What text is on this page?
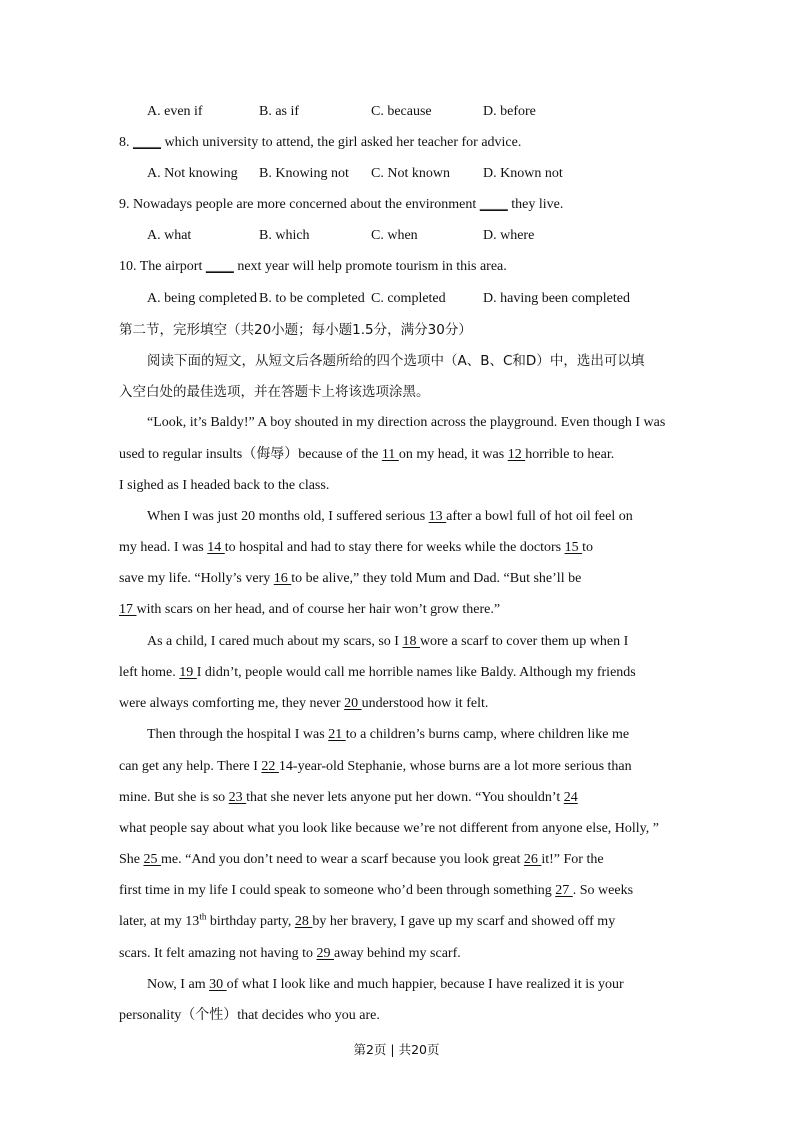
A. even if	B. as if	C. because	D. before
8. ____ which university to attend, the girl asked her teacher for advice.
A. Not knowing B. Knowing not C. Not known D. Known not
9. Nowadays people are more concerned about the environment ____ they live.
A. what	B. which	C. when	D. where
10. The airport ____ next year will help promote tourism in this area.
A. being completed B. to be completed C. completed	D. having been completed
第二节，完形填空（共20小题；每小题1.5分，满分30分）
阅读下面的短文，从短文后各题所给的四个选项中（A、B、C和D）中，选出可以填
入空白处的最佳选项，并在答题卡上将该选项涂黑。
“Look, it’s Baldy!” A boy shouted in my direction across the playground. Even though I was
used to regular insults（侮辱）because of the 11 on my head, it was 12 horrible to hear.
I sighed as I headed back to the class.
When I was just 20 months old, I suffered serious 13 after a bowl full of hot oil feel on
my head. I was 14 to hospital and had to stay there for weeks while the doctors 15 to
save my life. “Holly’s very 16 to be alive,” they told Mum and Dad. “But she’ll be
17 with scars on her head, and of course her hair won’t grow there.”
As a child, I cared much about my scars, so I 18 wore a scarf to cover them up when I
left home. 19 I didn’t, people would call me horrible names like Baldy. Although my friends
were always comforting me, they never 20 understood how it felt.
Then through the hospital I was 21 to a children’s burns camp, where children like me
can get any help. There I 22 14-year-old Stephanie, whose burns are a lot more serious than
mine. But she is so 23 that she never lets anyone put her down. “You shouldn’t 24
what people say about what you look like because we’re not different from anyone else, Holly, ”
She 25 me. “And you don’t need to wear a scarf because you look great 26 it!” For the
first time in my life I could speak to someone who’d been through something 27 . So weeks
later, at my 13th birthday party, 28 by her bravery, I gave up my scarf and showed off my
scars. It felt amazing not having to 29 away behind my scarf.
Now, I am 30 of what I look like and much happier, because I have realized it is your
personality（个性）that decides who you are.
第2页 | 共20页
